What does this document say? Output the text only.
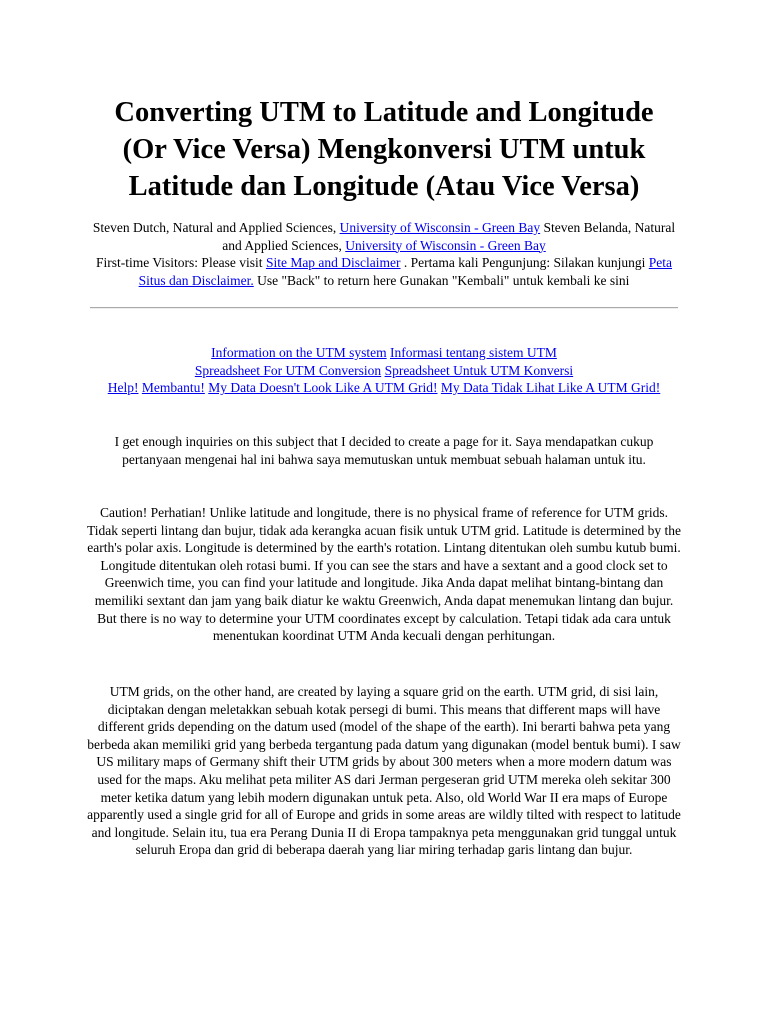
Converting UTM to Latitude and Longitude (Or Vice Versa) Mengkonversi UTM untuk Latitude dan Longitude (Atau Vice Versa)
Steven Dutch, Natural and Applied Sciences, University of Wisconsin - Green Bay Steven Belanda, Natural and Applied Sciences, University of Wisconsin - Green Bay
First-time Visitors: Please visit Site Map and Disclaimer . Pertama kali Pengunjung: Silakan kunjungi Peta Situs dan Disclaimer. Use "Back" to return here Gunakan "Kembali" untuk kembali ke sini
Information on the UTM system Informasi tentang sistem UTM
Spreadsheet For UTM Conversion Spreadsheet Untuk UTM Konversi
Help! Membantu! My Data Doesn't Look Like A UTM Grid! My Data Tidak Lihat Like A UTM Grid!
I get enough inquiries on this subject that I decided to create a page for it. Saya mendapatkan cukup pertanyaan mengenai hal ini bahwa saya memutuskan untuk membuat sebuah halaman untuk itu.
Caution! Perhatian! Unlike latitude and longitude, there is no physical frame of reference for UTM grids. Tidak seperti lintang dan bujur, tidak ada kerangka acuan fisik untuk UTM grid. Latitude is determined by the earth's polar axis. Longitude is determined by the earth's rotation. Lintang ditentukan oleh sumbu kutub bumi. Longitude ditentukan oleh rotasi bumi. If you can see the stars and have a sextant and a good clock set to Greenwich time, you can find your latitude and longitude. Jika Anda dapat melihat bintang-bintang dan memiliki sextant dan jam yang baik diatur ke waktu Greenwich, Anda dapat menemukan lintang dan bujur. But there is no way to determine your UTM coordinates except by calculation. Tetapi tidak ada cara untuk menentukan koordinat UTM Anda kecuali dengan perhitungan.
UTM grids, on the other hand, are created by laying a square grid on the earth. UTM grid, di sisi lain, diciptakan dengan meletakkan sebuah kotak persegi di bumi. This means that different maps will have different grids depending on the datum used (model of the shape of the earth). Ini berarti bahwa peta yang berbeda akan memiliki grid yang berbeda tergantung pada datum yang digunakan (model bentuk bumi). I saw US military maps of Germany shift their UTM grids by about 300 meters when a more modern datum was used for the maps. Aku melihat peta militer AS dari Jerman pergeseran grid UTM mereka oleh sekitar 300 meter ketika datum yang lebih modern digunakan untuk peta. Also, old World War II era maps of Europe apparently used a single grid for all of Europe and grids in some areas are wildly tilted with respect to latitude and longitude. Selain itu, tua era Perang Dunia II di Eropa tampaknya peta menggunakan grid tunggal untuk seluruh Eropa dan grid di beberapa daerah yang liar miring terhadap garis lintang dan bujur.
